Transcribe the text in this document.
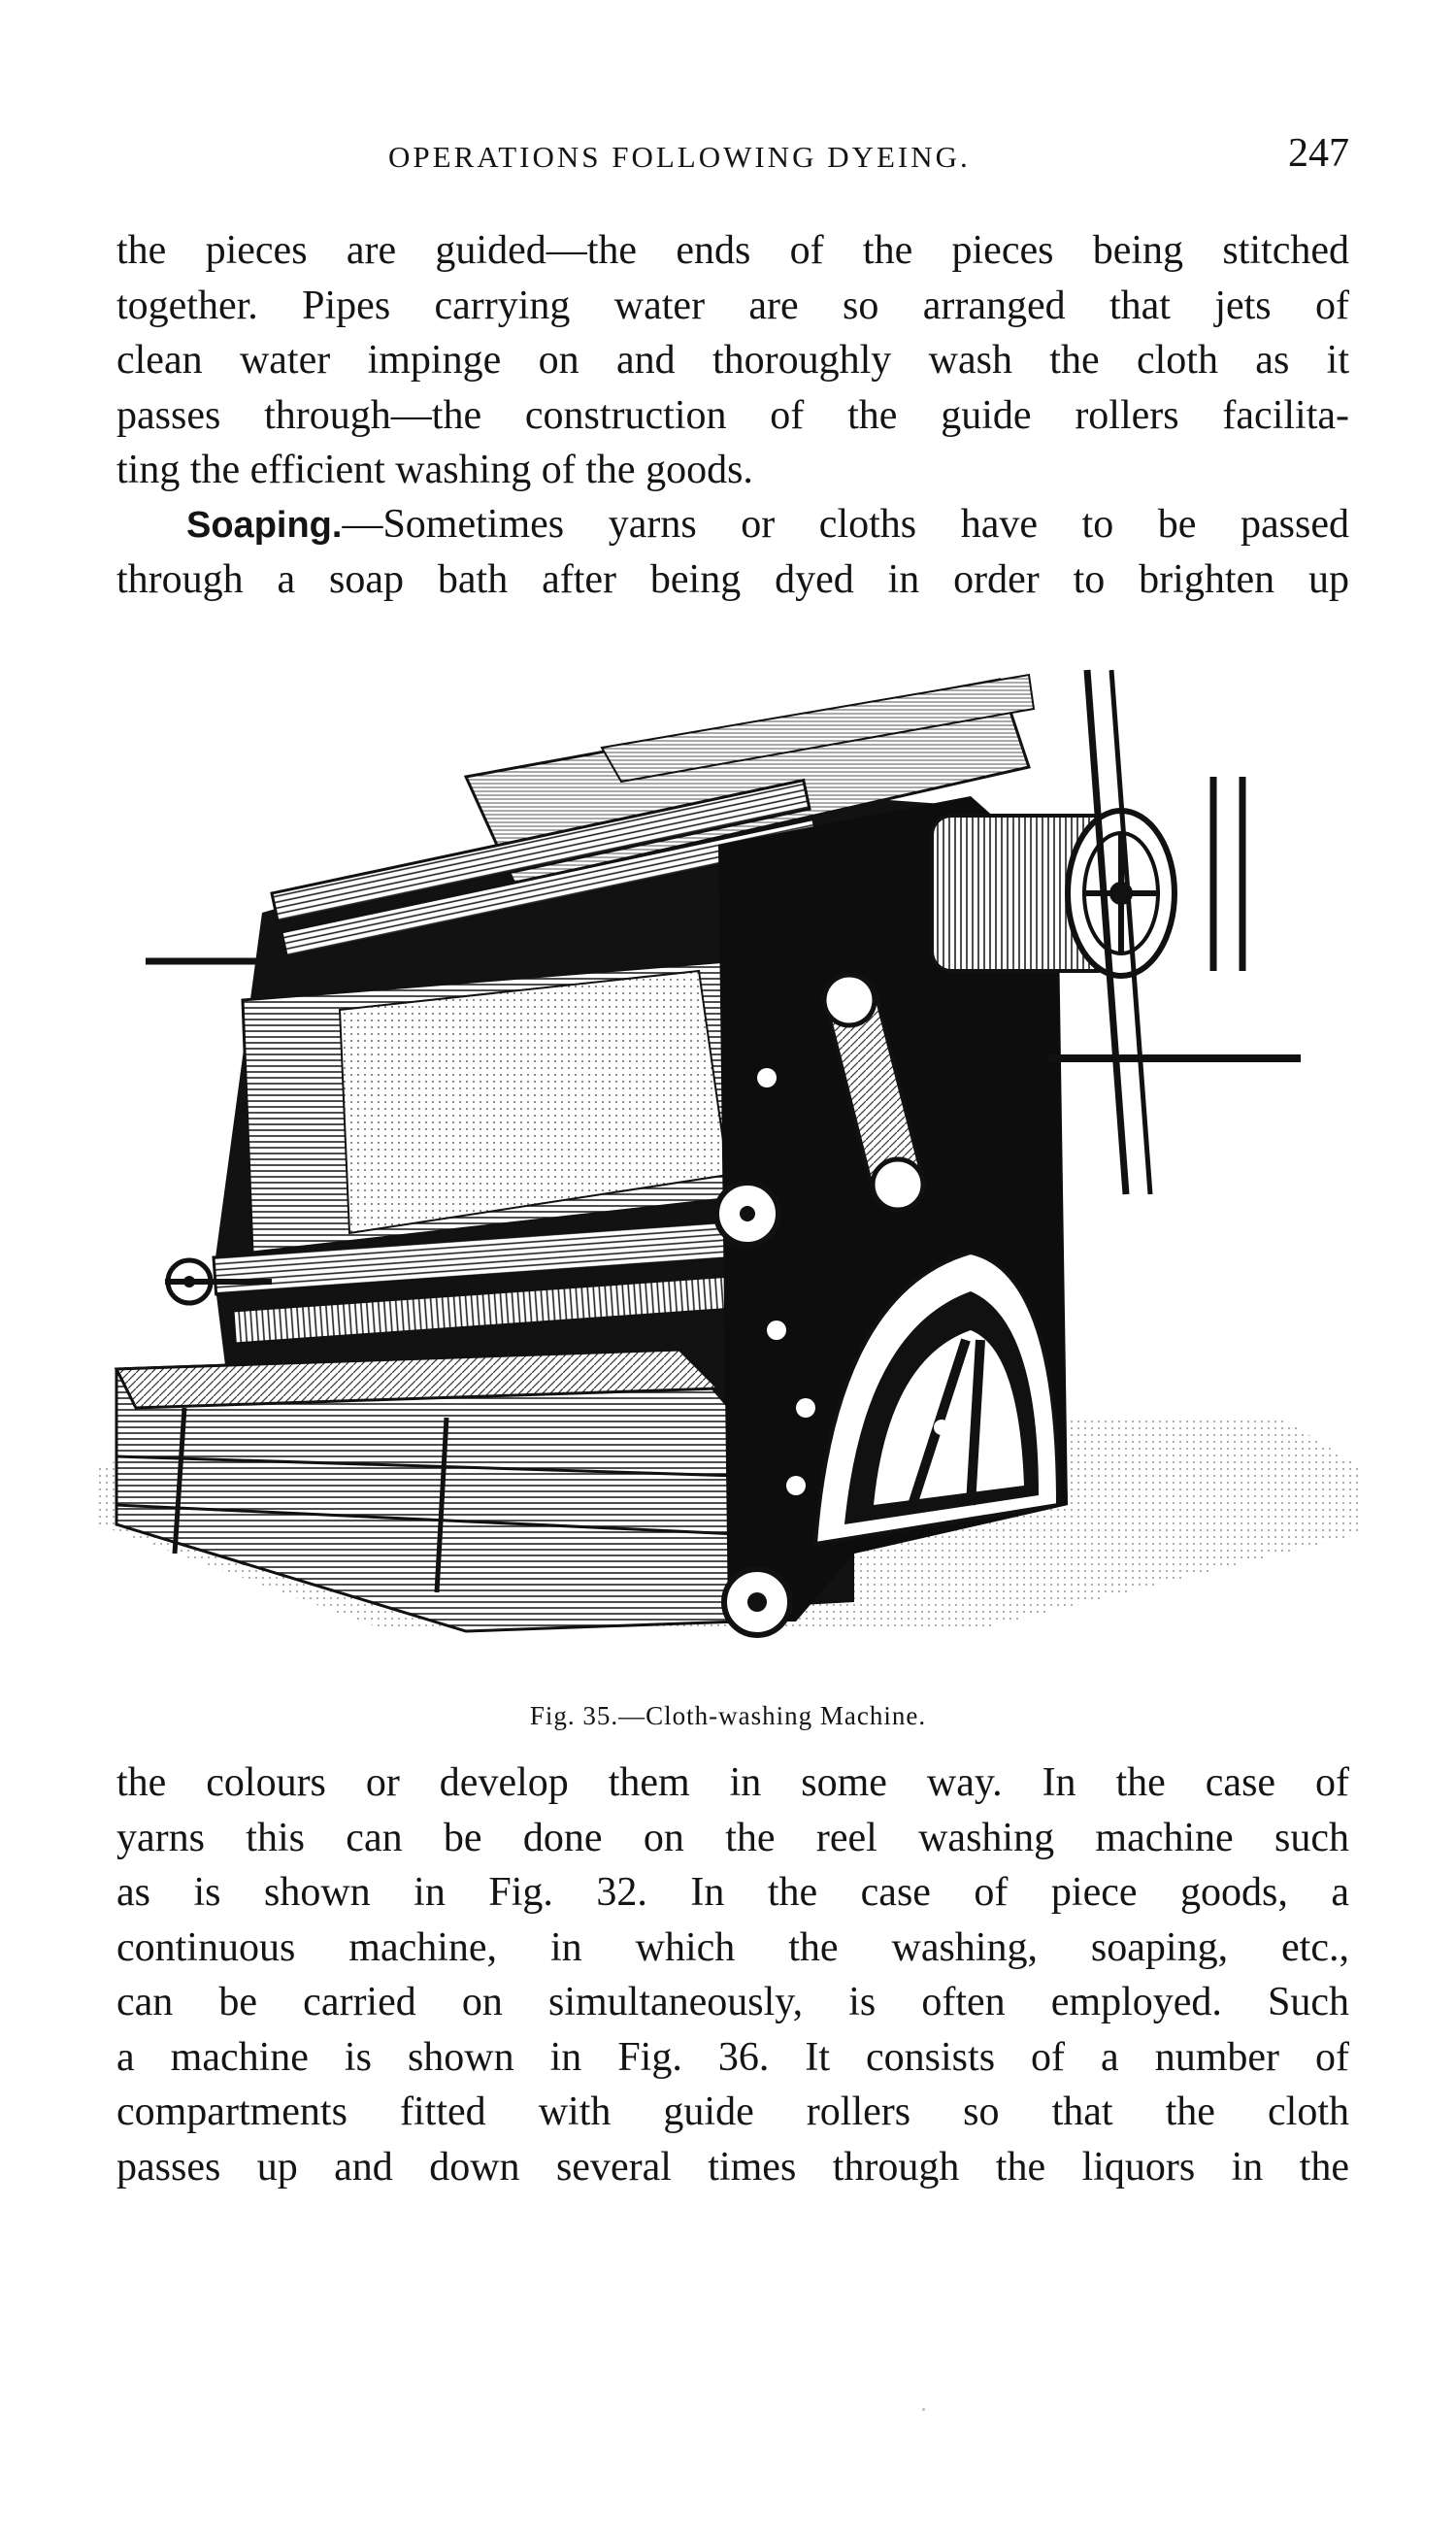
OPERATIONS FOLLOWING DYEING.	247
the pieces are guided—the ends of the pieces being stitched
together. Pipes carrying water are so arranged that jets of
clean water impinge on and thoroughly wash the cloth as it
passes through—the construction of the guide rollers facilita-
ting the efficient washing of the goods.
Soaping.—Sometimes yarns or cloths have to be passed
through a soap bath after being dyed in order to brighten up
Fig. 35.—Cloth-washing Machine.
the colours or develop them in some way. In the case of
yarns this can be done on the reel washing machine such
as is shown in Fig. 32. In the case of piece goods, a
continuous machine, in which the washing, soaping, etc.,
can be carried on simultaneously, is often employed. Such
a machine is shown in Fig. 36. It consists of a number of
compartments fitted with guide rollers so that the cloth
passes up and down several times through the liquors in the
